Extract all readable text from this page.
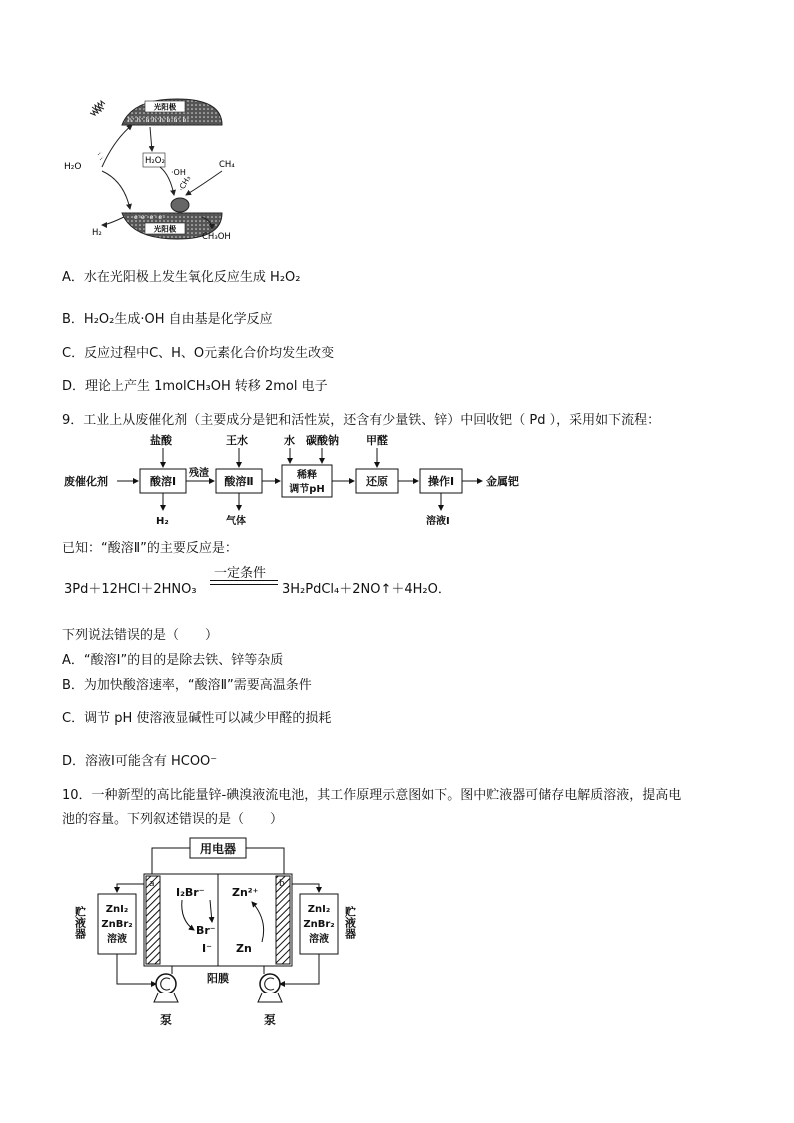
光阳极
h⁺ h⁺ h⁺h⁺h⁺h⁺h⁺ h⁺
光阳极
e⁻e⁻ e⁻ e⁻
H₂O
H₂O₂
·OH
·CH₃
CH₄
H₂	CH₃OH
A．水在光阳极上发生氧化反应生成 H₂O₂
B．H₂O₂生成·OH 自由基是化学反应
C．反应过程中C、H、O元素化合价均发生改变
D．理论上产生 1molCH₃OH 转移 2mol 电子
9．工业上从废催化剂（主要成分是钯和活性炭，还含有少量铁、锌）中回收钯（ Pd ），采用如下流程：
废催化剂	酸溶Ⅰ
盐酸
H₂
残渣
酸溶Ⅱ
王水
气体
稀释
调节pH
水 碳酸钠
还原
甲醛
操作Ⅰ
溶液Ⅰ
金属钯
已知：“酸溶Ⅱ”的主要反应是：
3Pd＋12HCl＋2HNO₃
一定条件
3H₂PdCl₄＋2NO↑＋4H₂O．
下列说法错误的是（　　）
A．“酸溶Ⅰ”的目的是除去铁、锌等杂质
B．为加快酸溶速率，“酸溶Ⅱ”需要高温条件
C．调节 pH 使溶液显碱性可以减少甲醛的损耗
D．溶液Ⅰ可能含有 HCOO⁻
10．一种新型的高比能量锌-碘溴液流电池，其工作原理示意图如下。图中贮液器可储存电解质溶液，提高电
池的容量。下列叙述错误的是（　　）
用电器
a	b
I₂Br⁻
Br⁻
I⁻
Zn²⁺
Zn
阳膜
ZnI₂
ZnBr₂
溶液
ZnI₂
ZnBr₂
溶液
贮液器	贮液器
泵	泵
